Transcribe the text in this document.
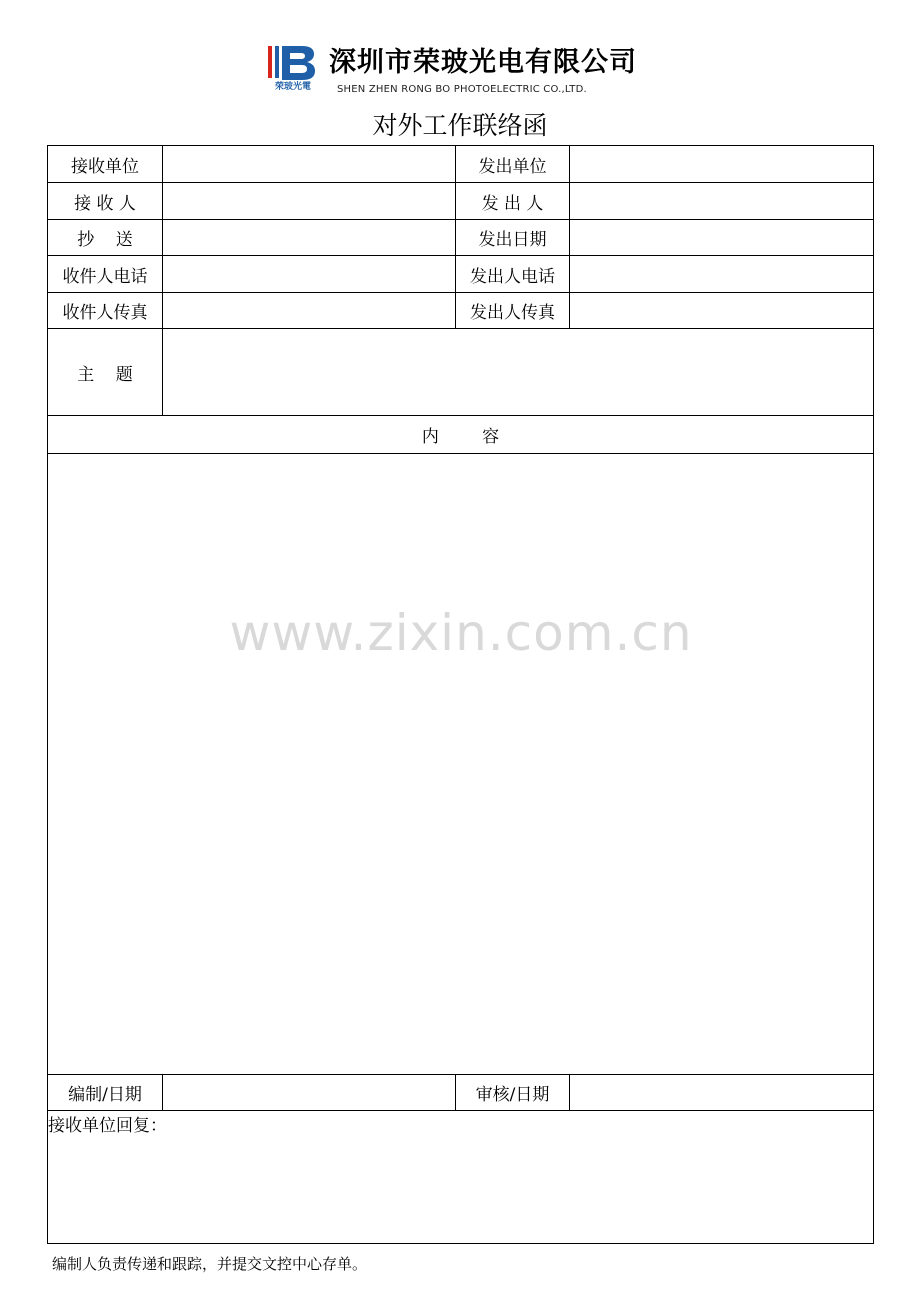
荣玻光電
深圳市荣玻光电有限公司
SHEN ZHEN RONG BO PHOTOELECTRIC CO.,LTD.
对外工作联络函
接收单位		发出单位	
接 收 人		发 出 人	
抄    送		发出日期	
收件人电话		发出人电话	
收件人传真		发出人传真	
主    题			
内        容			

www.zixin.com.cn			

编制/日期		审核/日期	
接收单位回复：			
编制人负责传递和跟踪，并提交文控中心存单。
